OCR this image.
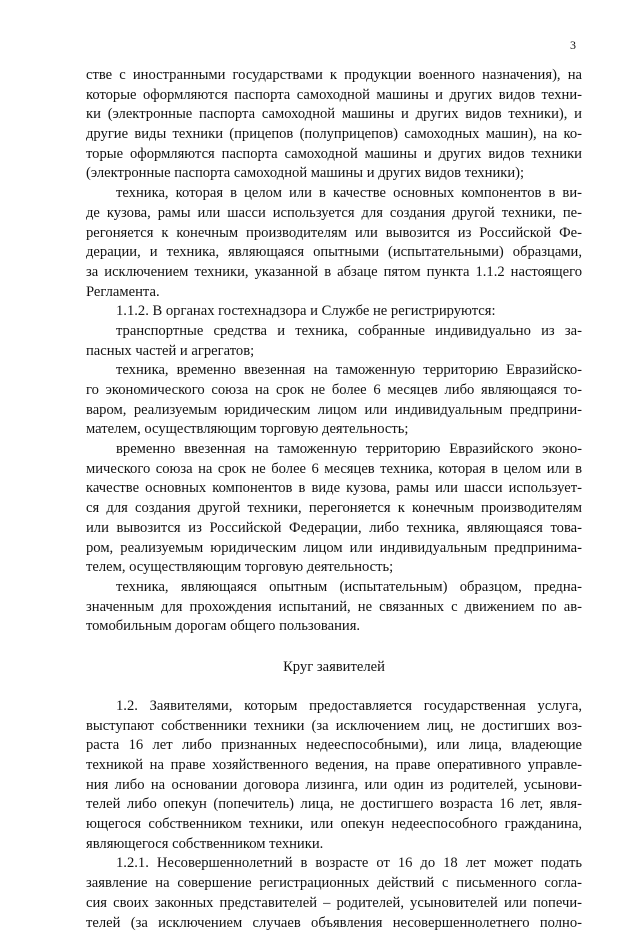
3
стве с иностранными государствами к продукции военного назначения), на
которые оформляются паспорта самоходной машины и других видов техни-
ки (электронные паспорта самоходной машины и других видов техники), и
другие виды техники (прицепов (полуприцепов) самоходных машин), на ко-
торые оформляются паспорта самоходной машины и других видов техники
(электронные паспорта самоходной машины и других видов техники);
техника, которая в целом или в качестве основных компонентов в ви-
де кузова, рамы или шасси используется для создания другой техники, пе-
регоняется к конечным производителям или вывозится из Российской Фе-
дерации, и техника, являющаяся опытными (испытательными) образцами,
за исключением техники, указанной в абзаце пятом пункта 1.1.2 настоящего
Регламента.
1.1.2. В органах гостехнадзора и Службе не регистрируются:
транспортные средства и техника, собранные индивидуально из за-
пасных частей и агрегатов;
техника, временно ввезенная на таможенную территорию Евразийско-
го экономического союза на срок не более 6 месяцев либо являющаяся то-
варом, реализуемым юридическим лицом или индивидуальным предприни-
мателем, осуществляющим торговую деятельность;
временно ввезенная на таможенную территорию Евразийского эконо-
мического союза на срок не более 6 месяцев техника, которая в целом или в
качестве основных компонентов в виде кузова, рамы или шасси использует-
ся для создания другой техники, перегоняется к конечным производителям
или вывозится из Российской Федерации, либо техника, являющаяся това-
ром, реализуемым юридическим лицом или индивидуальным предпринима-
телем, осуществляющим торговую деятельность;
техника, являющаяся опытным (испытательным) образцом, предна-
значенным для прохождения испытаний, не связанных с движением по ав-
томобильным дорогам общего пользования.
Круг заявителей
1.2. Заявителями, которым предоставляется государственная услуга,
выступают собственники техники (за исключением лиц, не достигших воз-
раста 16 лет либо признанных недееспособными), или лица, владеющие
техникой на праве хозяйственного ведения, на праве оперативного управле-
ния либо на основании договора лизинга, или один из родителей, усынови-
телей либо опекун (попечитель) лица, не достигшего возраста 16 лет, явля-
ющегося собственником техники, или опекун недееспособного гражданина,
являющегося собственником техники.
1.2.1. Несовершеннолетний в возрасте от 16 до 18 лет может подать
заявление на совершение регистрационных действий с письменного согла-
сия своих законных представителей – родителей, усыновителей или попечи-
телей (за исключением случаев объявления несовершеннолетнего полно-
